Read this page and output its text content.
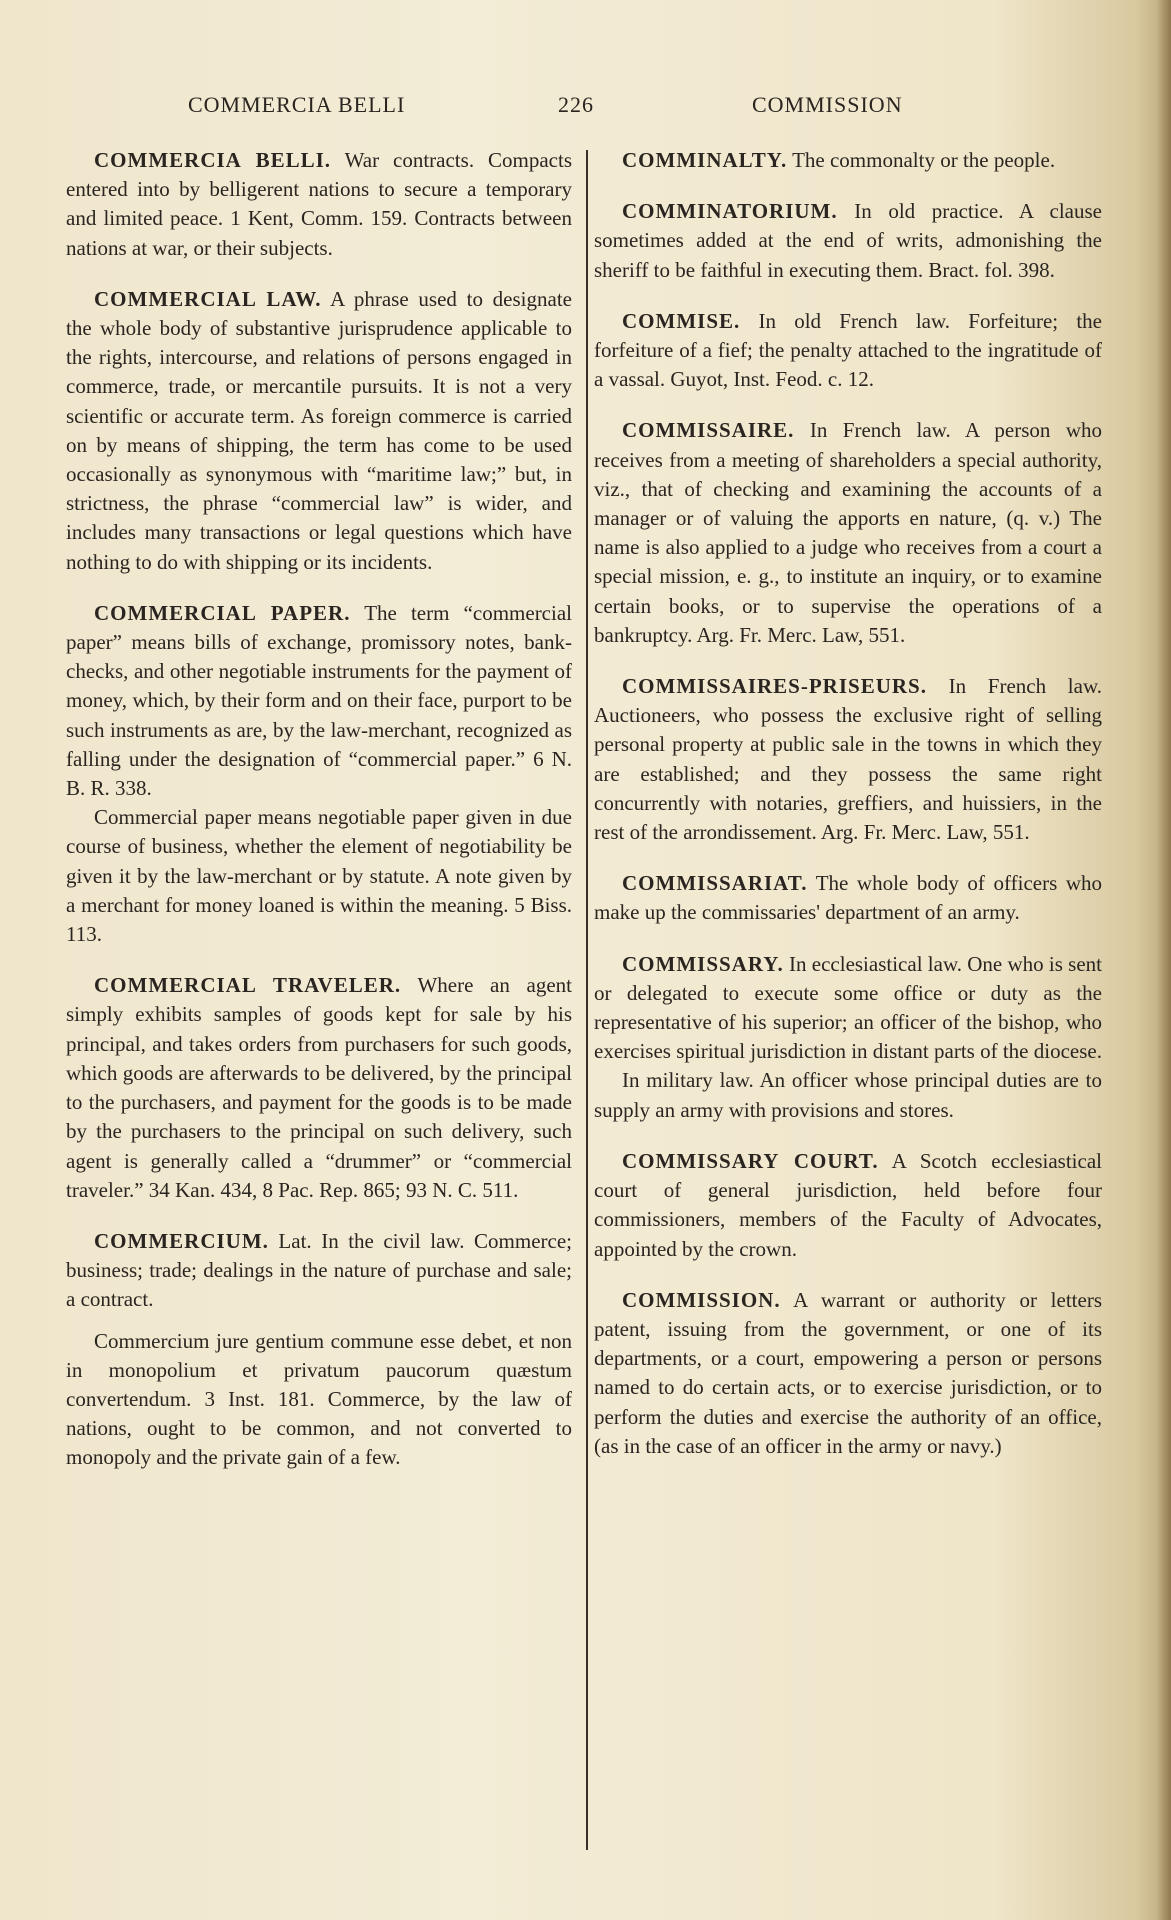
COMMERCIA BELLI	226	COMMISSION

COMMERCIA BELLI. War contracts. Compacts entered into by belligerent nations to secure a temporary and limited peace. 1 Kent, Comm. 159. Contracts between nations at war, or their subjects.

COMMERCIAL LAW. A phrase used to designate the whole body of substantive jurisprudence applicable to the rights, intercourse, and relations of persons engaged in commerce, trade, or mercantile pursuits. It is not a very scientific or accurate term. As foreign commerce is carried on by means of shipping, the term has come to be used occasionally as synonymous with “maritime law;” but, in strictness, the phrase “commercial law” is wider, and includes many transactions or legal questions which have nothing to do with shipping or its incidents.

COMMERCIAL PAPER. The term “commercial paper” means bills of exchange, promissory notes, bank-checks, and other negotiable instruments for the payment of money, which, by their form and on their face, purport to be such instruments as are, by the law-merchant, recognized as falling under the designation of “commercial paper.” 6 N. B. R. 338.

Commercial paper means negotiable paper given in due course of business, whether the element of negotiability be given it by the law-merchant or by statute. A note given by a merchant for money loaned is within the meaning. 5 Biss. 113.

COMMERCIAL TRAVELER. Where an agent simply exhibits samples of goods kept for sale by his principal, and takes orders from purchasers for such goods, which goods are afterwards to be delivered, by the principal to the purchasers, and payment for the goods is to be made by the purchasers to the principal on such delivery, such agent is generally called a “drummer” or “commercial traveler.” 34 Kan. 434, 8 Pac. Rep. 865; 93 N. C. 511.

COMMERCIUM. Lat. In the civil law. Commerce; business; trade; dealings in the nature of purchase and sale; a contract.

Commercium jure gentium commune esse debet, et non in monopolium et privatum paucorum quæstum convertendum. 3 Inst. 181. Commerce, by the law of nations, ought to be common, and not converted to monopoly and the private gain of a few.

COMMINALTY. The commonalty or the people.

COMMINATORIUM. In old practice. A clause sometimes added at the end of writs, admonishing the sheriff to be faithful in executing them. Bract. fol. 398.

COMMISE. In old French law. Forfeiture; the forfeiture of a fief; the penalty attached to the ingratitude of a vassal. Guyot, Inst. Feod. c. 12.

COMMISSAIRE. In French law. A person who receives from a meeting of shareholders a special authority, viz., that of checking and examining the accounts of a manager or of valuing the apports en nature, (q. v.) The name is also applied to a judge who receives from a court a special mission, e. g., to institute an inquiry, or to examine certain books, or to supervise the operations of a bankruptcy. Arg. Fr. Merc. Law, 551.

COMMISSAIRES-PRISEURS. In French law. Auctioneers, who possess the exclusive right of selling personal property at public sale in the towns in which they are established; and they possess the same right concurrently with notaries, greffiers, and huissiers, in the rest of the arrondissement. Arg. Fr. Merc. Law, 551.

COMMISSARIAT. The whole body of officers who make up the commissaries' department of an army.

COMMISSARY. In ecclesiastical law. One who is sent or delegated to execute some office or duty as the representative of his superior; an officer of the bishop, who exercises spiritual jurisdiction in distant parts of the diocese.

In military law. An officer whose principal duties are to supply an army with provisions and stores.

COMMISSARY COURT. A Scotch ecclesiastical court of general jurisdiction, held before four commissioners, members of the Faculty of Advocates, appointed by the crown.

COMMISSION. A warrant or authority or letters patent, issuing from the government, or one of its departments, or a court, empowering a person or persons named to do certain acts, or to exercise jurisdiction, or to perform the duties and exercise the authority of an office, (as in the case of an officer in the army or navy.)
